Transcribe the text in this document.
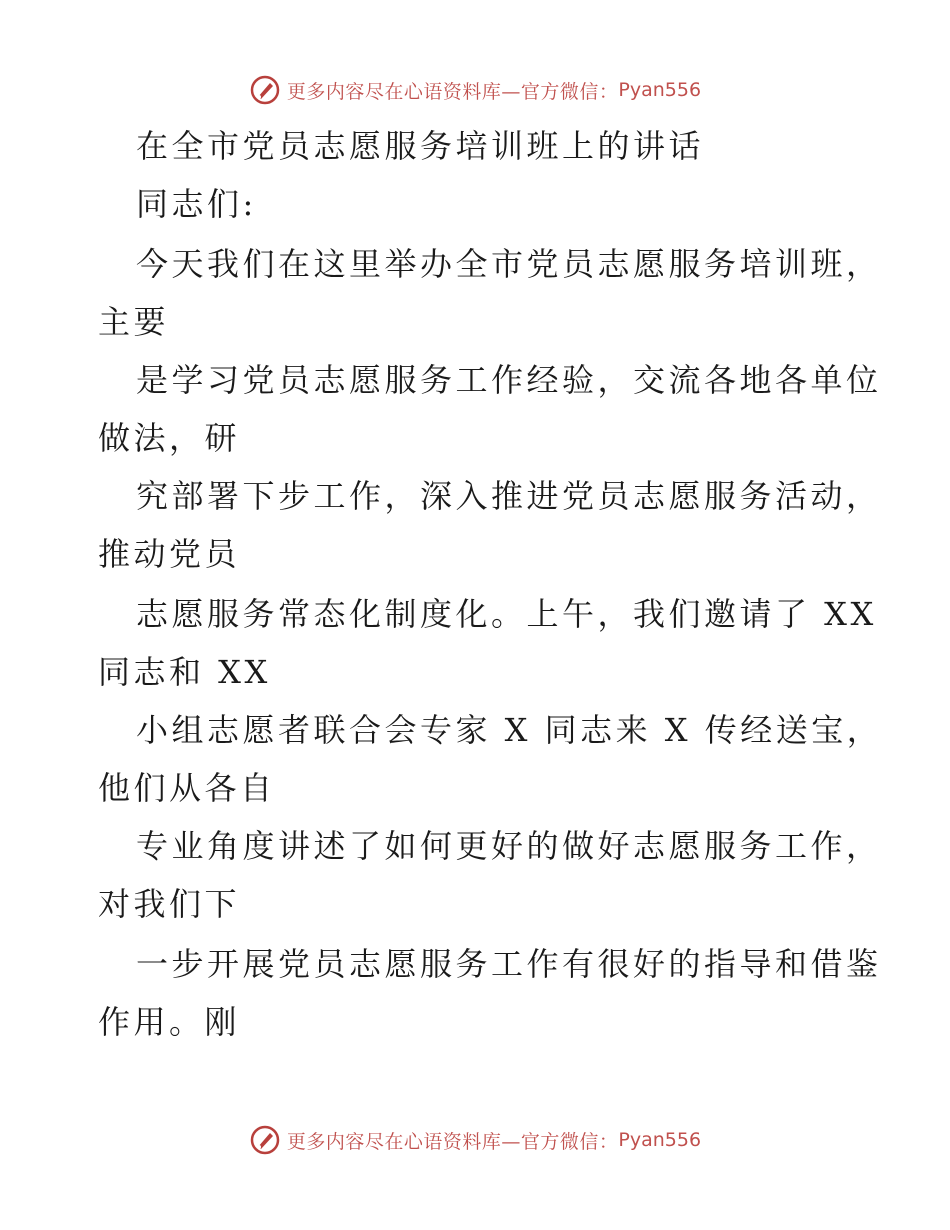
更多内容尽在心语资料库—官方微信： Pyan556
在全市党员志愿服务培训班上的讲话
同志们:
今天我们在这里举办全市党员志愿服务培训班，
主要
是学习党员志愿服务工作经验，交流各地各单位
做法，研
究部署下步工作，深入推进党员志愿服务活动，
推动党员
志愿服务常态化制度化。上午，我们邀请了 XX
同志和 XX
小组志愿者联合会专家 X 同志来 X 传经送宝，
他们从各自
专业角度讲述了如何更好的做好志愿服务工作，
对我们下
一步开展党员志愿服务工作有很好的指导和借鉴
作用。刚
更多内容尽在心语资料库—官方微信： Pyan556
